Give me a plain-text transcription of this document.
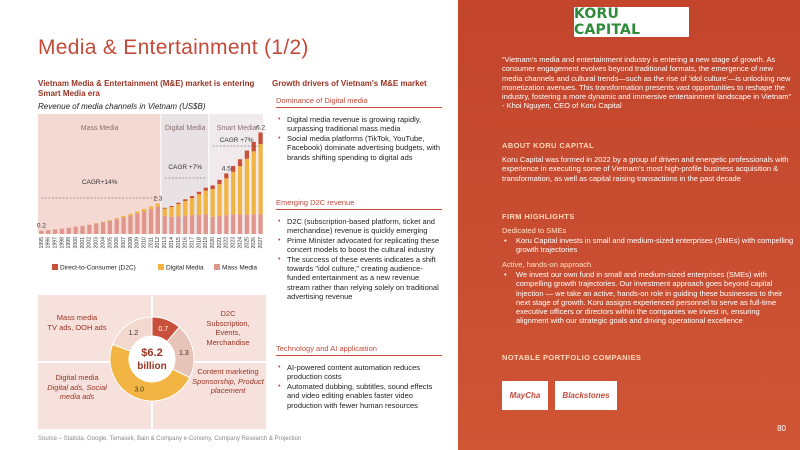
Media & Entertainment (1/2)
Vietnam Media & Entertainment (M&E) market is entering Smart Media era
Revenue of media channels in Vietnam (US$B)
Mass Media	Digital Media Smart Media
1995 1996 1997 1998 1999 2000 2001 2002 2003 2004 2005 2006 2007 2008 2009 2010 2011 2012 2013 2014 2015 2016 2017 2018 2019 2020 2021 2022 2023 2024 2025 2026 2027
0.2
2.3
4.5
6.2
CAGR+14%
CAGR +7%
CAGR +7%
Direct-to-Consumer (D2C)	Digital Media	Mass Media
0.7
1.3
3.0
1.2
$6.2
billion
Mass media
TV ads, OOH ads
D2C
Subscription, Events, Merchandise
Digital media
Digital ads, Social media ads
Content marketing
Sponsorship, Product placement
Source – Statista, Google, Temasek, Bain & Company e-Conomy, Company Research & Projection
Growth drivers of Vietnam's M&E market
Dominance of Digital media
• Digital media revenue is growing rapidly, surpassing traditional mass media
• Social media platforms (TikTok, YouTube, Facebook) dominate advertising budgets, with brands shifting spending to digital ads
Emerging D2C revenue
• D2C (subscription-based platform, ticket and merchandise) revenue is quickly emerging
• Prime Minister advocated for replicating these concert models to boost the cultural industry
• The success of these events indicates a shift towards "idol culture," creating audience-funded entertainment as a new revenue stream rather than relying solely on traditional advertising revenue
Technology and AI applicaition
• AI-powered content automation reduces production costs
• Automated dubbing, subtitles, sound effects and video editing enables faster video production with fewer human resources
KORU CAPITAL
“Vietnam’s media and entertainment industry is entering a new stage of growth. As consumer engagement evolves beyond traditional formats, the emergence of new media channels and cultural trends—such as the rise of 'idol culture'—is unlocking new monetization avenues. This transformation presents vast opportunities to reshape the industry, fostering a more dynamic and immersive entertainment landscape in Vietnam” - Khoi Nguyen, CEO of Koru Capital
ABOUT KORU CAPITAL
Koru Capital was formed in 2022 by a group of driven and energetic professionals with experience in executing some of Vietnam’s most high-profile business acquisition & transformation, as well as capital raising transactions in the past decade
FIRM HIGHLIGHTS
Dedicated to SMEs
• Koru Capital invests in small and medium-sized enterprises (SMEs) with compelling growth trajectories
Active, hands-on approach
• We invest our own fund in small and medium-sized enterprises (SMEs) with compelling growth trajectories. Our investment approach goes beyond capital injection — we take an active, hands-on role in guiding these businesses to their next stage of growth. Koru assigns experienced personnel to serve as full-time executive officers or directors within the companies we invest in, ensuring alignment with our strategic goals and driving operational excellence
NOTABLE PORTFOLIO COMPANIES
MayCha	Blackstones
80
